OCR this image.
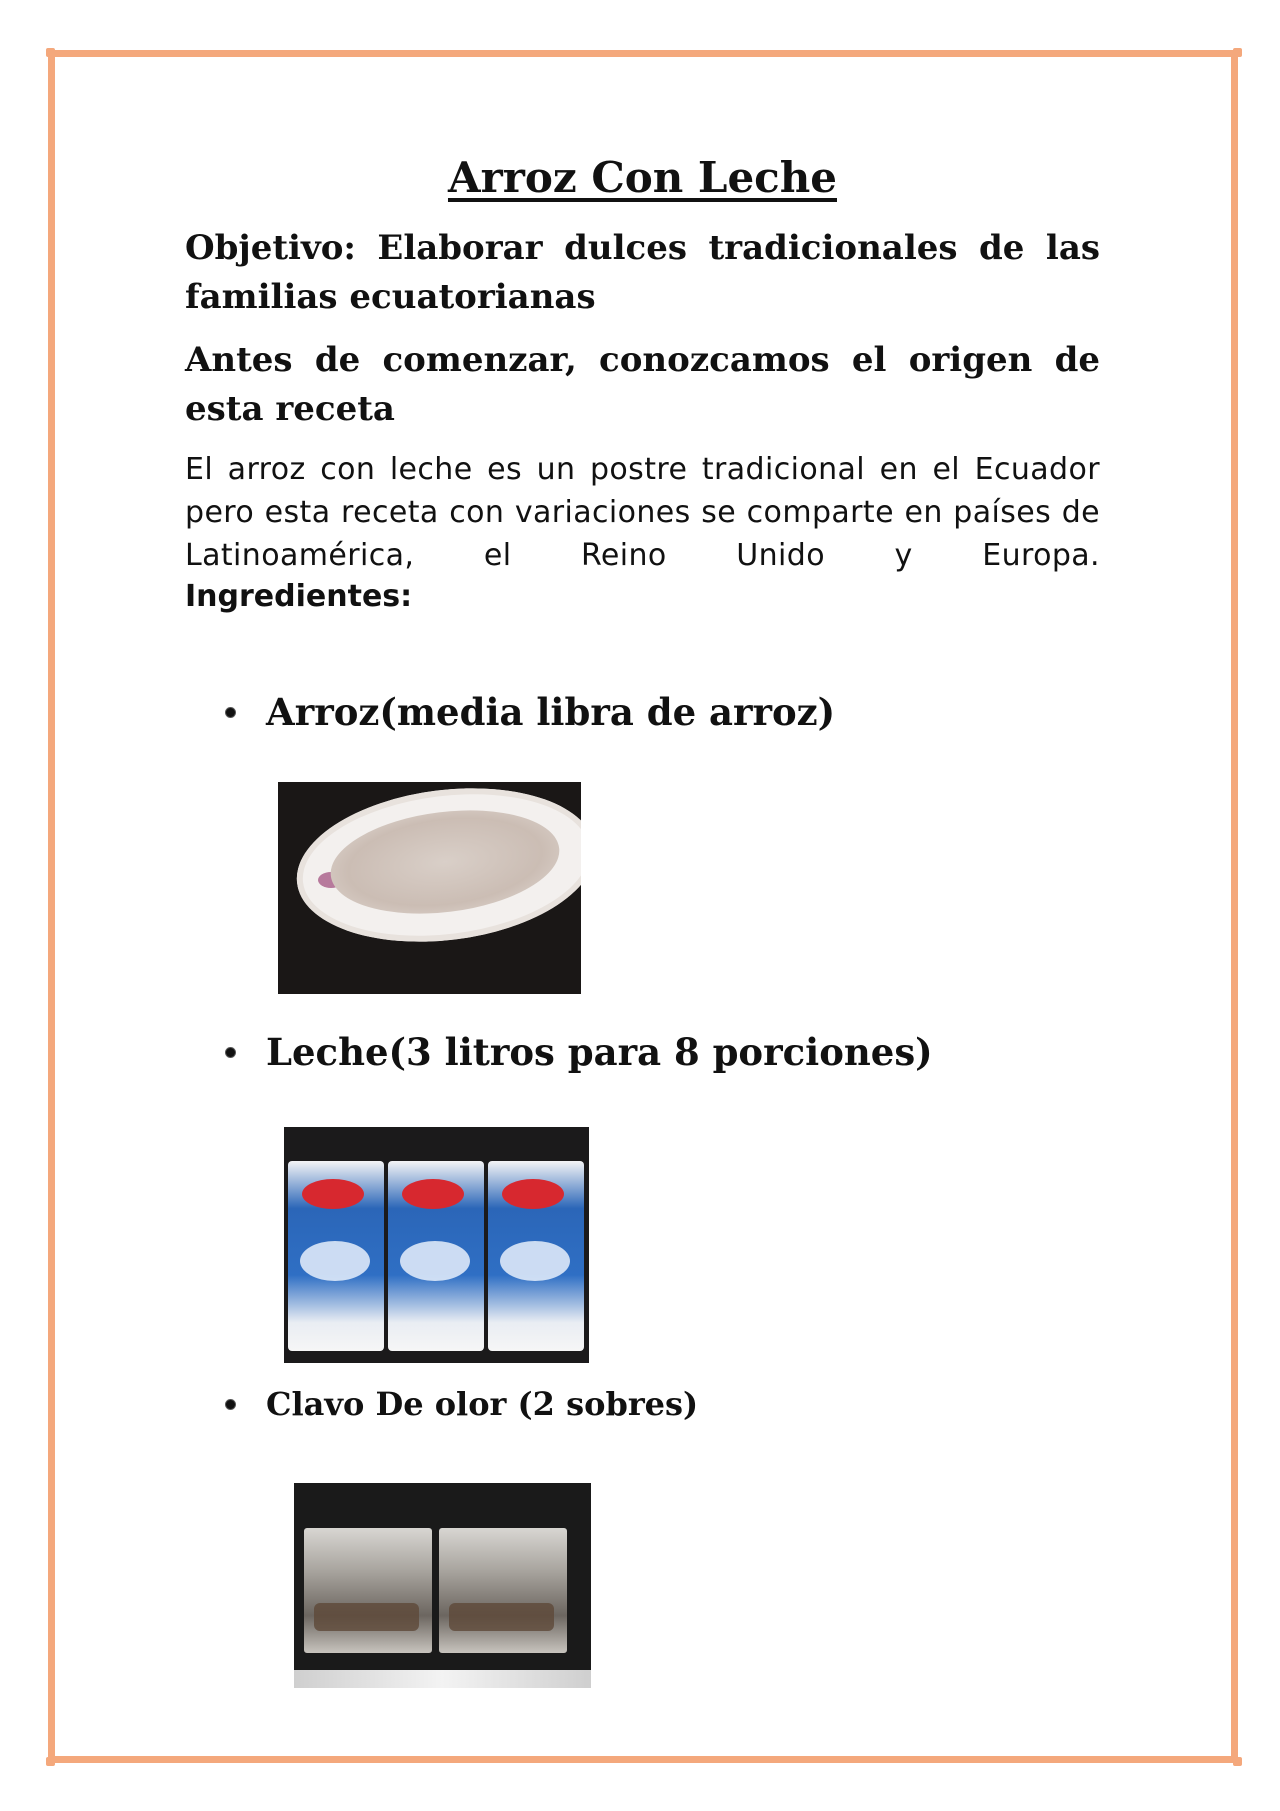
Arroz Con Leche

Objetivo: Elaborar dulces tradicionales de las familias ecuatorianas

Antes de comenzar, conozcamos el origen de esta receta

El arroz con leche es un postre tradicional en el Ecuador pero esta receta con variaciones se comparte en países de Latinoamérica, el Reino Unido y Europa.

Ingredientes:

Arroz(media libra de arroz)
Leche(3 litros para 8 porciones)
Clavo De olor (2 sobres)
